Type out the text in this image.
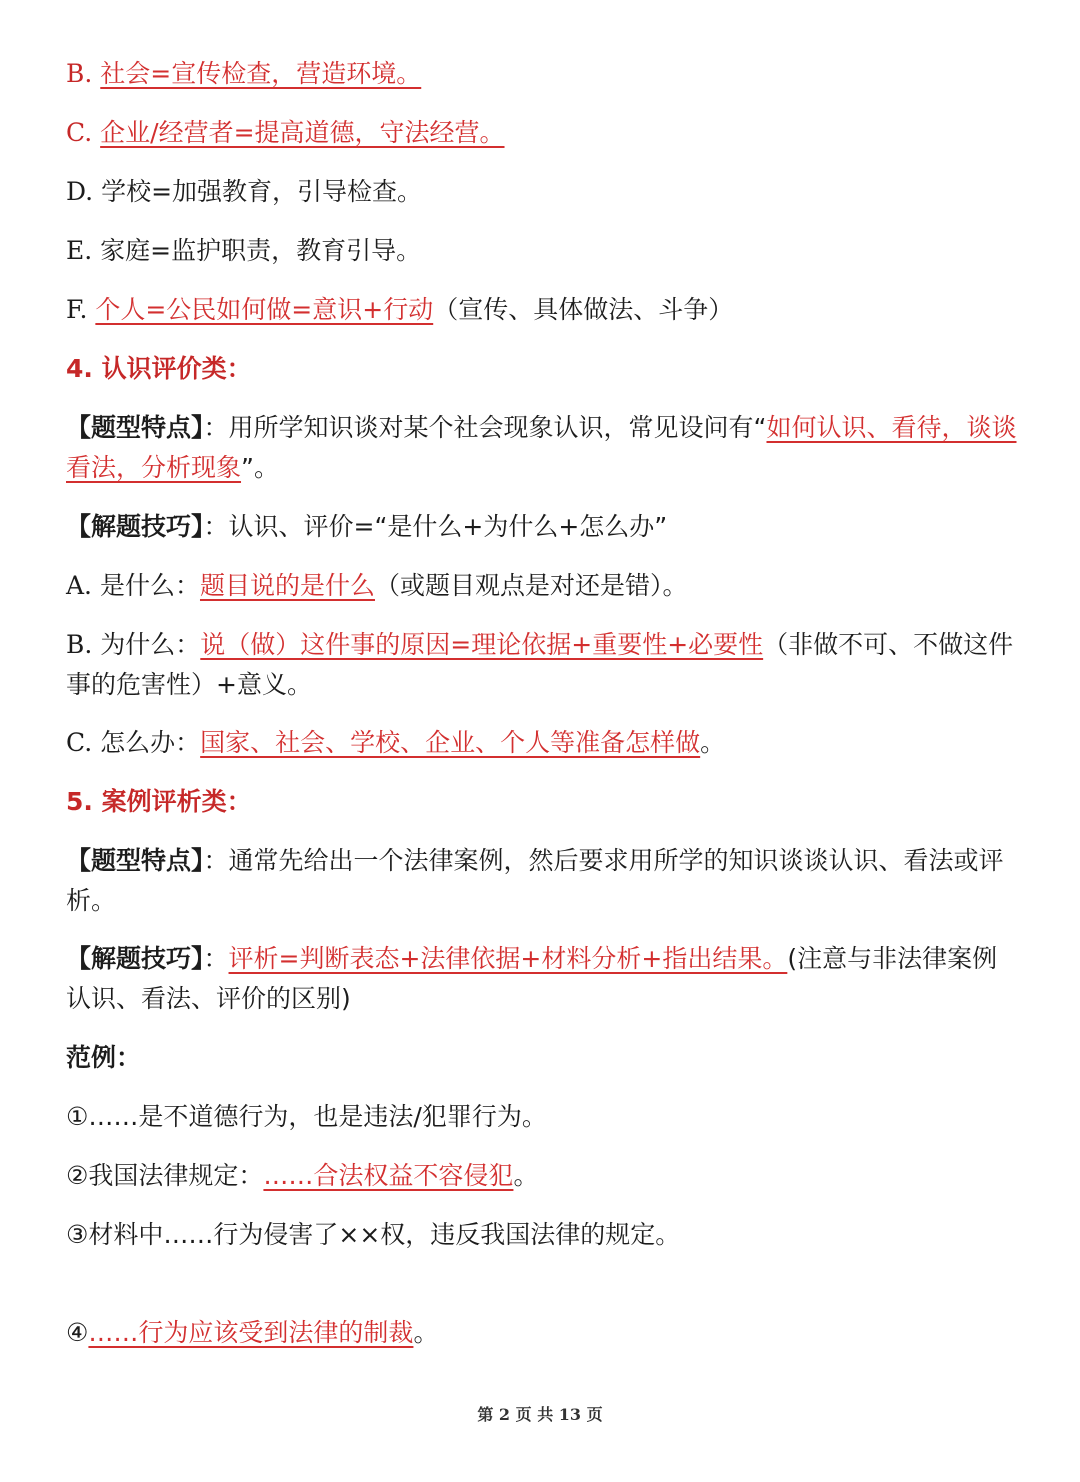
B. 社会=宣传检查，营造环境。
C. 企业/经营者=提高道德，守法经营。
D. 学校=加强教育，引导检查。
E. 家庭=监护职责，教育引导。
F. 个人=公民如何做=意识+行动（宣传、具体做法、斗争）
4. 认识评价类：
【题型特点】：用所学知识谈对某个社会现象认识，常见设问有“如何认识、看待，谈谈看法，分析现象”。
【解题技巧】：认识、评价=“是什么+为什么+怎么办”
A. 是什么：题目说的是什么（或题目观点是对还是错）。
B. 为什么：说（做）这件事的原因=理论依据+重要性+必要性（非做不可、不做这件事的危害性）+意义。
C. 怎么办：国家、社会、学校、企业、个人等准备怎样做。
5. 案例评析类：
【题型特点】：通常先给出一个法律案例，然后要求用所学的知识谈谈认识、看法或评析。
【解题技巧】：评析=判断表态+法律依据+材料分析+指出结果。(注意与非法律案例认识、看法、评价的区别)
范例：
①……是不道德行为，也是违法/犯罪行为。
②我国法律规定：……合法权益不容侵犯。
③材料中……行为侵害了××权，违反我国法律的规定。
④……行为应该受到法律的制裁。
第 2 页 共 13 页
